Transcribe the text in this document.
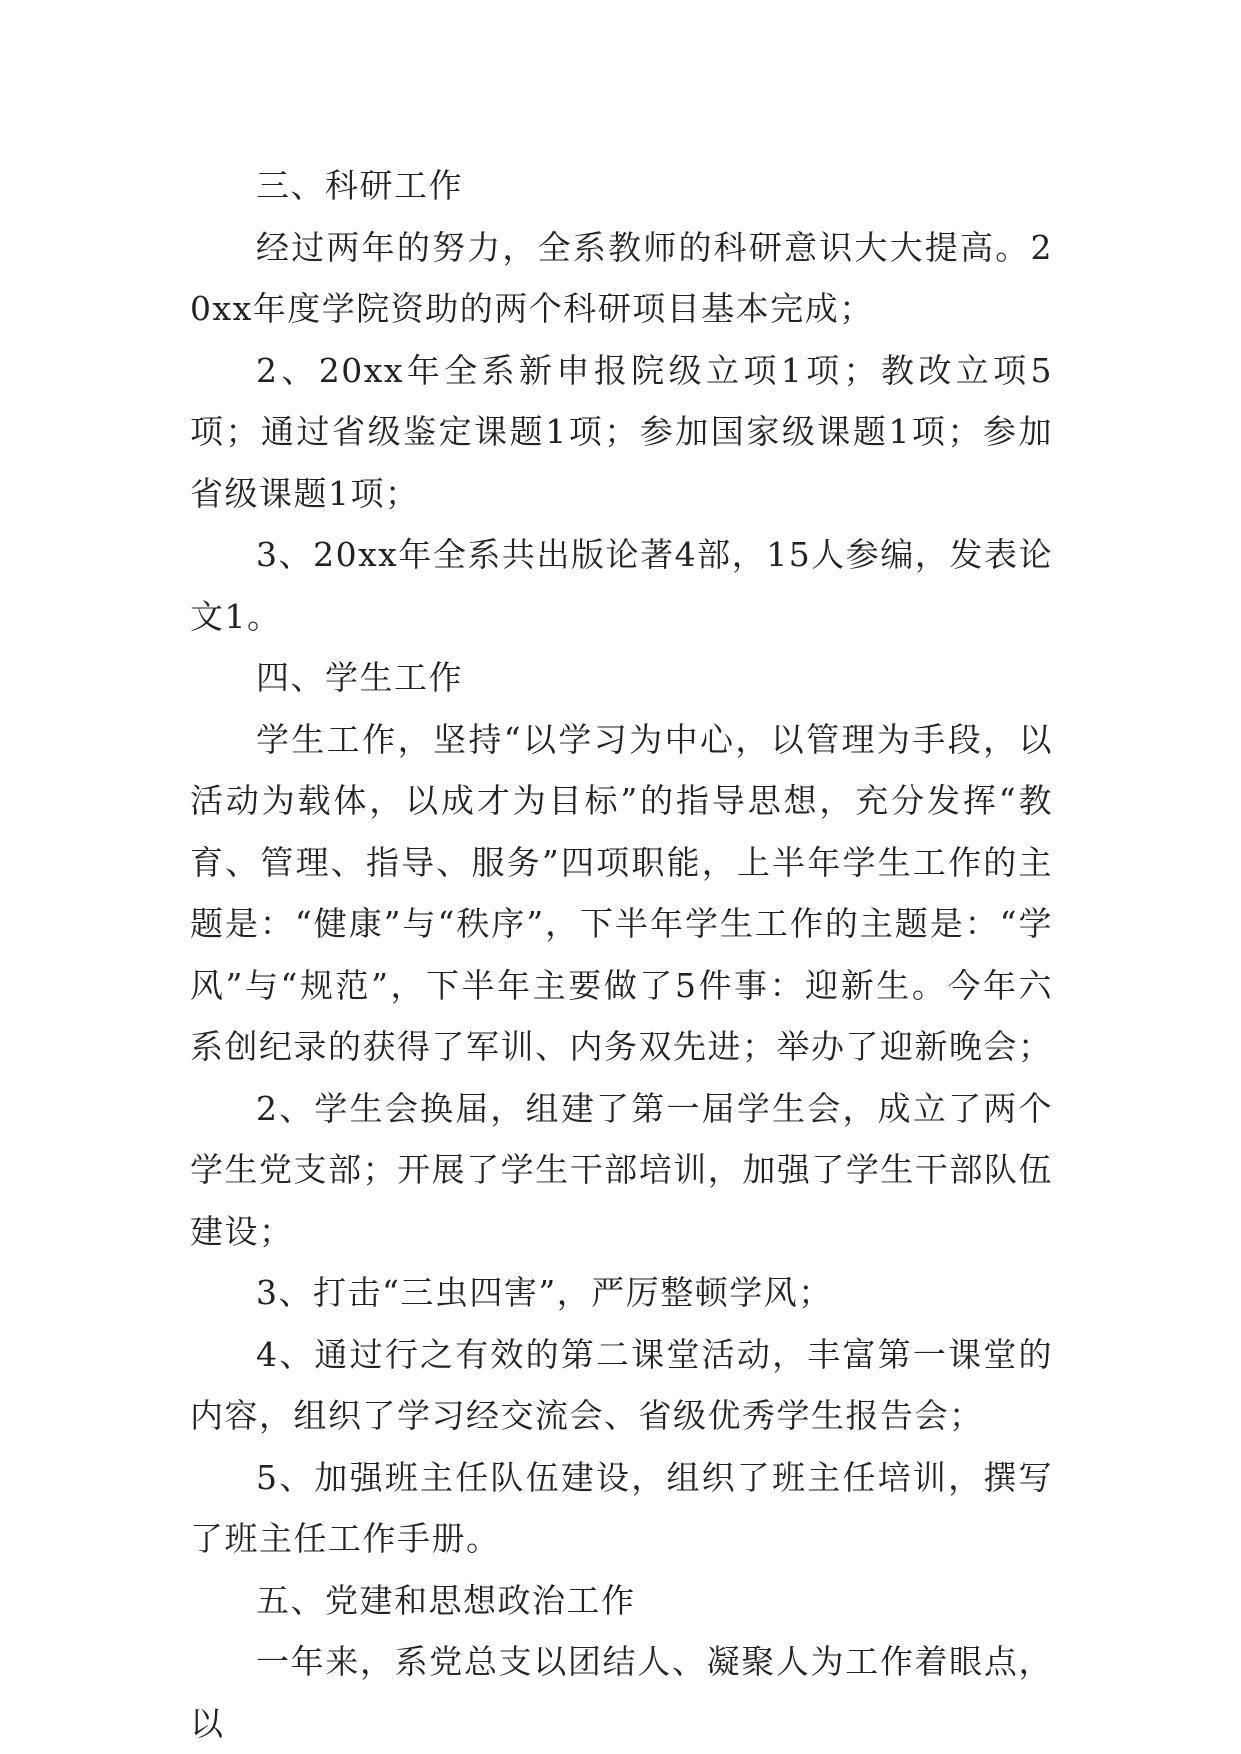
三、科研工作

经过两年的努力，全系教师的科研意识大大提高。20xx年度学院资助的两个科研项目基本完成；

2、20xx年全系新申报院级立项1项；教改立项5项；通过省级鉴定课题1项；参加国家级课题1项；参加省级课题1项；

3、20xx年全系共出版论著4部，15人参编，发表论文1。

四、学生工作

学生工作，坚持“以学习为中心，以管理为手段，以活动为载体，以成才为目标”的指导思想，充分发挥“教育、管理、指导、服务”四项职能，上半年学生工作的主题是：“健康”与“秩序”，下半年学生工作的主题是：“学风”与“规范”，下半年主要做了5件事：迎新生。今年六系创纪录的获得了军训、内务双先进；举办了迎新晚会；

2、学生会换届，组建了第一届学生会，成立了两个学生党支部；开展了学生干部培训，加强了学生干部队伍建设；

3、打击“三虫四害”，严厉整顿学风；

4、通过行之有效的第二课堂活动，丰富第一课堂的内容，组织了学习经交流会、省级优秀学生报告会；

5、加强班主任队伍建设，组织了班主任培训，撰写了班主任工作手册。

五、党建和思想政治工作

一年来，系党总支以团结人、凝聚人为工作着眼点，以
